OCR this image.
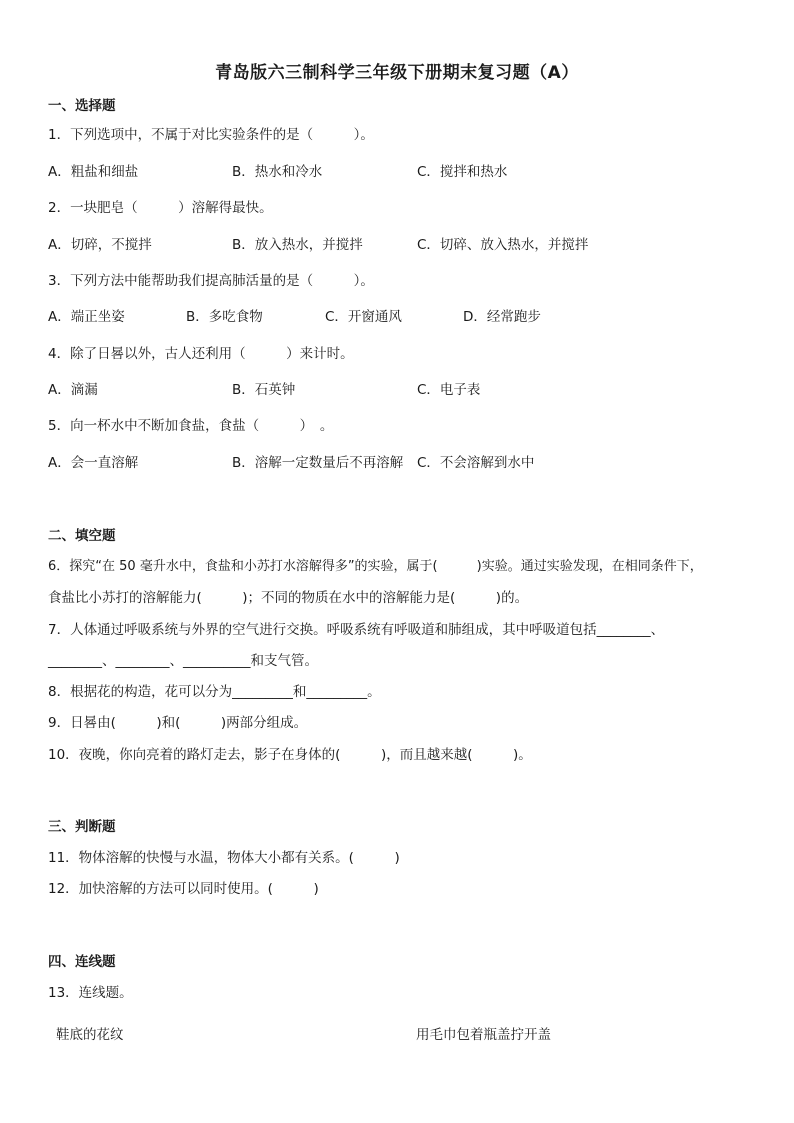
青岛版六三制科学三年级下册期末复习题（A）
一、选择题
1．下列选项中，不属于对比实验条件的是（　　　）。
A．粗盐和细盐	B．热水和冷水	C．搅拌和热水
2．一块肥皂（　　　）溶解得最快。
A．切碎，不搅拌	B．放入热水，并搅拌	C．切碎、放入热水，并搅拌
3．下列方法中能帮助我们提高肺活量的是（　　　）。
A．端正坐姿	B．多吃食物	C．开窗通风	D．经常跑步
4．除了日晷以外，古人还利用（　　　）来计时。
A．滴漏	B．石英钟	C．电子表
5．向一杯水中不断加食盐，食盐（　　　）　。
A．会一直溶解	B．溶解一定数量后不再溶解 C．不会溶解到水中
二、填空题
6．探究“在 50 毫升水中，食盐和小苏打水溶解得多”的实验，属于(　　　)实验。通过实验发现，在相同条件下，
食盐比小苏打的溶解能力(　　　)；不同的物质在水中的溶解能力是(　　　)的。
7．人体通过呼吸系统与外界的空气进行交换。呼吸系统有呼吸道和肺组成，其中呼吸道包括________、
________、________、__________和支气管。
8．根据花的构造，花可以分为_________和_________。
9．日晷由(　　　)和(　　　)两部分组成。
10．夜晚，你向亮着的路灯走去，影子在身体的(　　　)，而且越来越(　　　)。
三、判断题
11．物体溶解的快慢与水温，物体大小都有关系。(　　　)
12．加快溶解的方法可以同时使用。(　　　)
四、连线题
13．连线题。
鞋底的花纹	用毛巾包着瓶盖拧开盖
